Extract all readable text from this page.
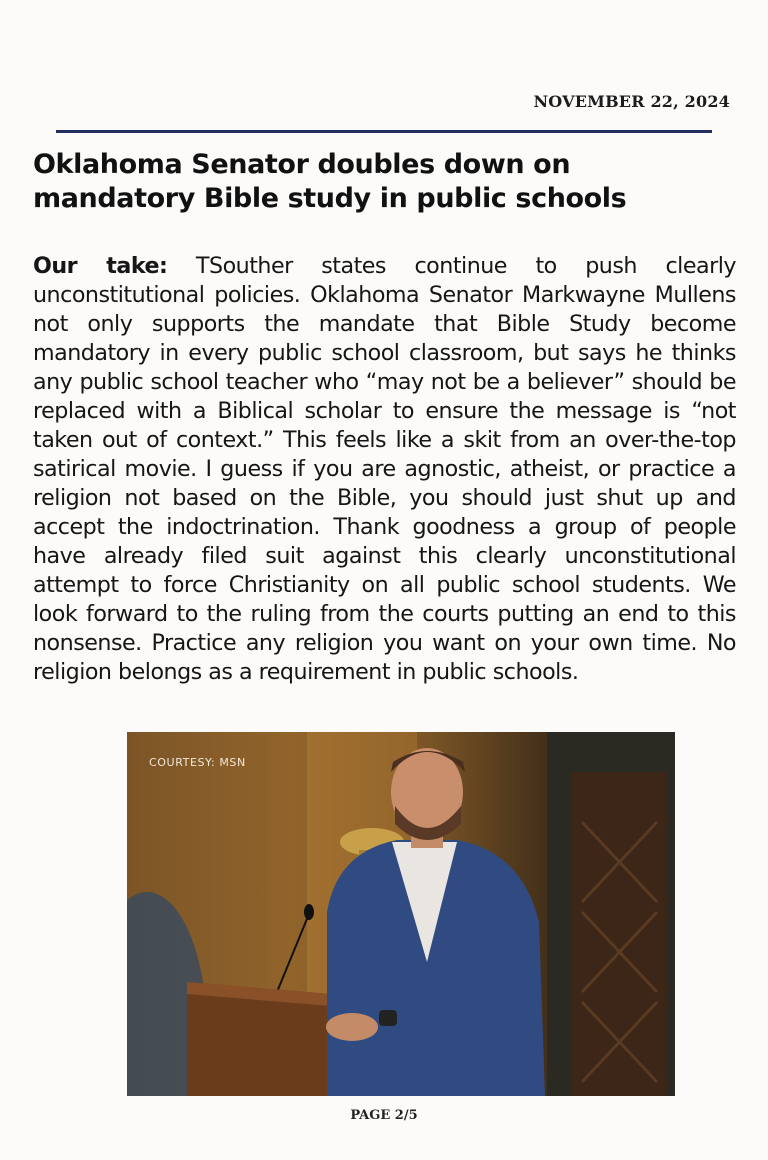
NOVEMBER 22, 2024
Oklahoma Senator doubles down on mandatory Bible study in public schools

Our take: TSouther states continue to push clearly unconstitutional policies. Oklahoma Senator Markwayne Mullens not only supports the mandate that Bible Study become mandatory in every public school classroom, but says he thinks any public school teacher who “may not be a believer” should be replaced with a Biblical scholar to ensure the message is “not taken out of context.” This feels like a skit from an over-the-top satirical movie. I guess if you are agnostic, atheist, or practice a religion not based on the Bible, you should just shut up and accept the indoctrination. Thank goodness a group of people have already filed suit against this clearly unconstitutional attempt to force Christianity on all public school students. We look forward to the ruling from the courts putting an end to this nonsense. Practice any religion you want on your own time. No religion belongs as a requirement in public schools.

COURTESY: MSN
PAGE 2/5
